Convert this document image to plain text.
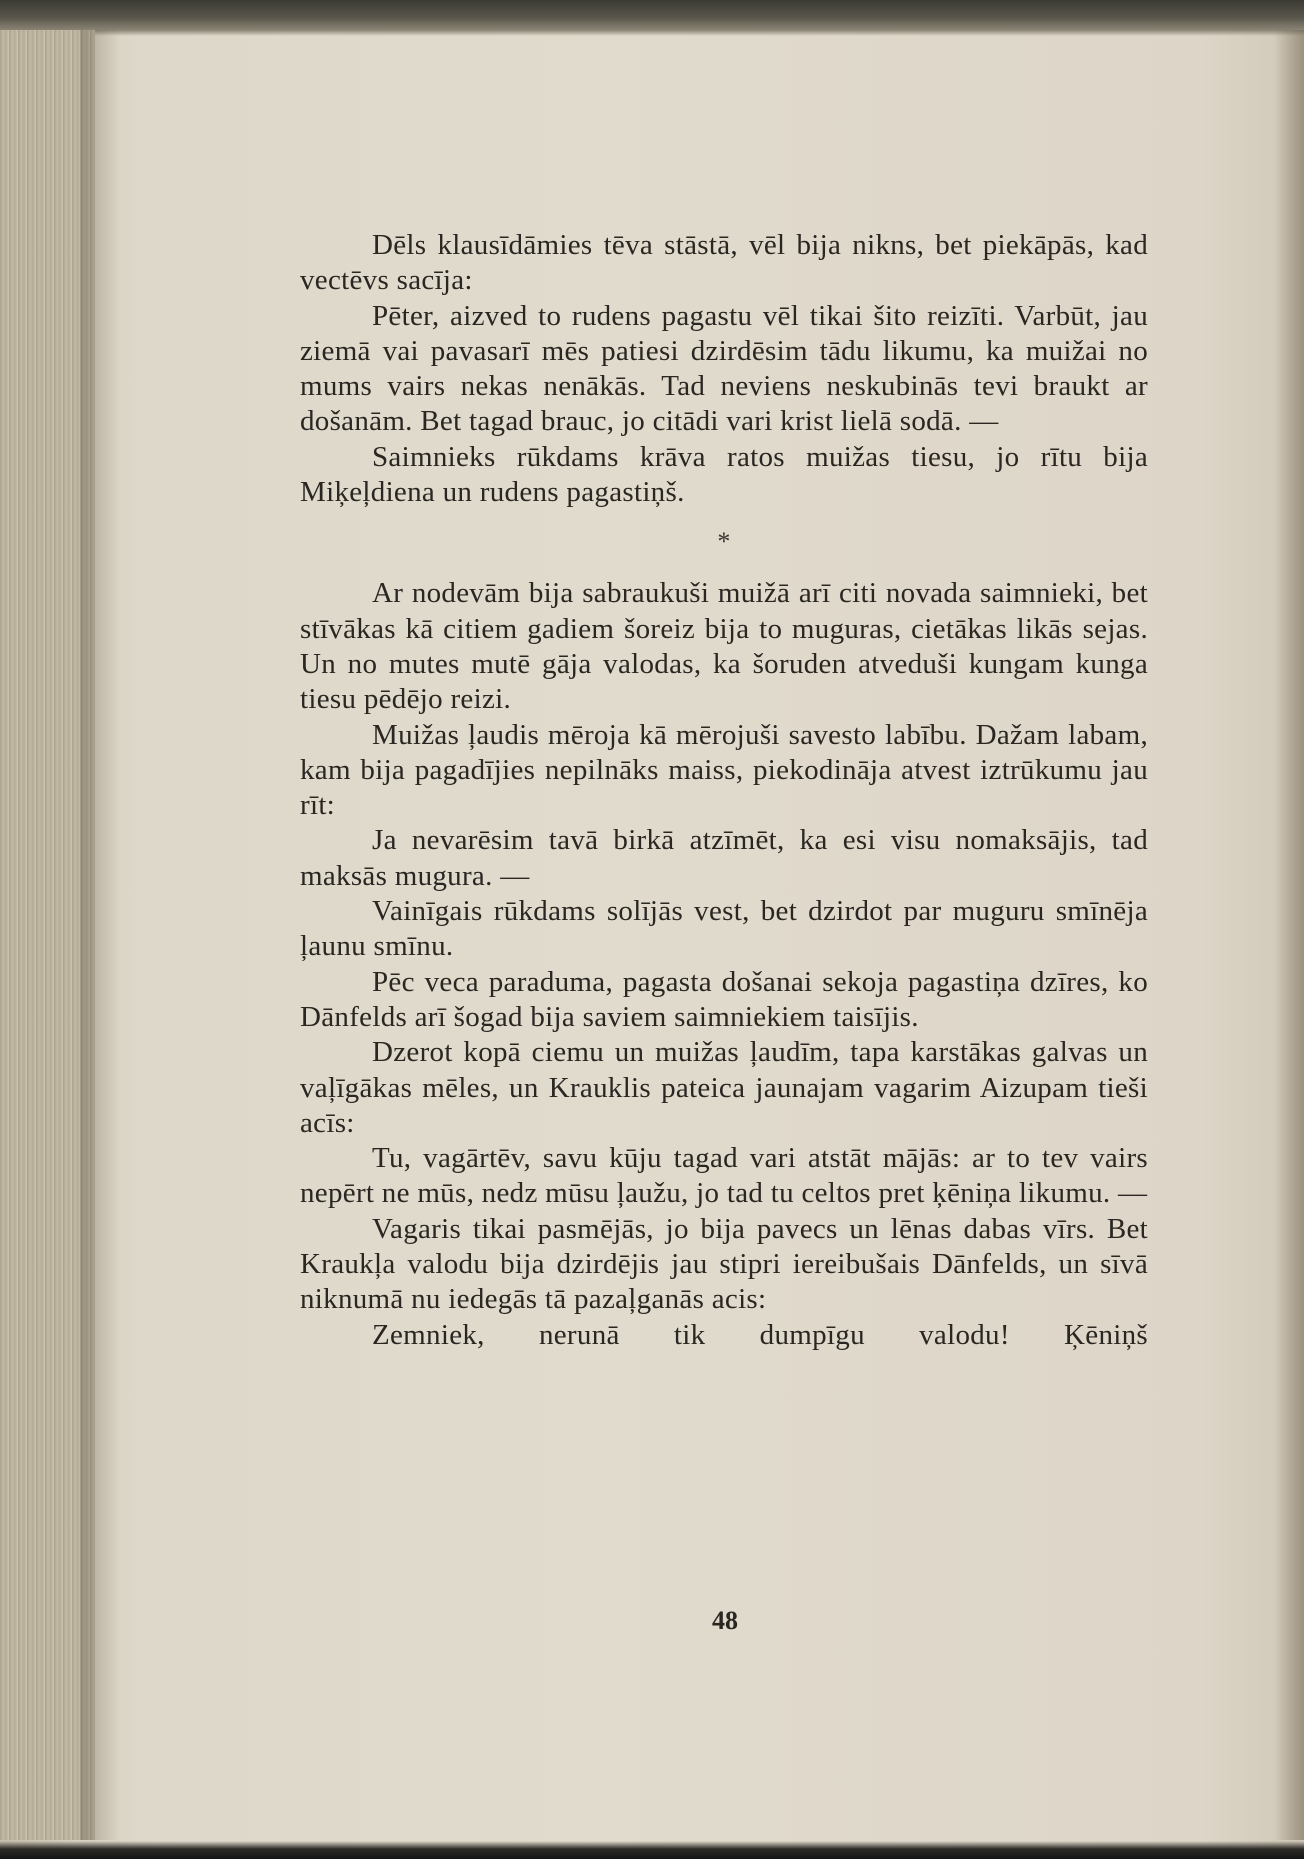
Dēls klausīdāmies tēva stāstā, vēl bija nikns, bet piekāpās, kad vectēvs sacīja:

Pēter, aizved to rudens pagastu vēl tikai šito reizīti. Varbūt, jau ziemā vai pavasarī mēs patiesi dzirdēsim tādu likumu, ka muižai no mums vairs nekas nenākās. Tad neviens neskubinās tevi braukt ar došanām. Bet tagad brauc, jo citādi vari krist lielā sodā. —

Saimnieks rūkdams krāva ratos muižas tiesu, jo rītu bija Miķeļdiena un rudens pagastiņš.

*

Ar nodevām bija sabraukuši muižā arī citi novada saimnieki, bet stīvākas kā citiem gadiem šoreiz bija to muguras, cietākas likās sejas. Un no mutes mutē gāja valodas, ka šoruden atveduši kungam kunga tiesu pēdējo reizi.

Muižas ļaudis mēroja kā mērojuši savesto labību. Dažam labam, kam bija pagadījies nepilnāks maiss, piekodināja atvest iztrūkumu jau rīt:

Ja nevarēsim tavā birkā atzīmēt, ka esi visu nomaksājis, tad maksās mugura. —

Vainīgais rūkdams solījās vest, bet dzirdot par muguru smīnēja ļaunu smīnu.

Pēc veca paraduma, pagasta došanai sekoja pagastiņa dzīres, ko Dānfelds arī šogad bija saviem saimniekiem taisījis.

Dzerot kopā ciemu un muižas ļaudīm, tapa karstākas galvas un vaļīgākas mēles, un Krauklis pateica jaunajam vagarim Aizupam tieši acīs:

Tu, vagārtēv, savu kūju tagad vari atstāt mājās: ar to tev vairs nepērt ne mūs, nedz mūsu ļaužu, jo tad tu celtos pret ķēniņa likumu. —

Vagaris tikai pasmējās, jo bija pavecs un lēnas dabas vīrs. Bet Kraukļa valodu bija dzirdējis jau stipri iereibušais Dānfelds, un sīvā niknumā nu iedegās tā pazaļganās acis:

Zemniek, nerunā tik dumpīgu valodu! Ķēniņš

48
